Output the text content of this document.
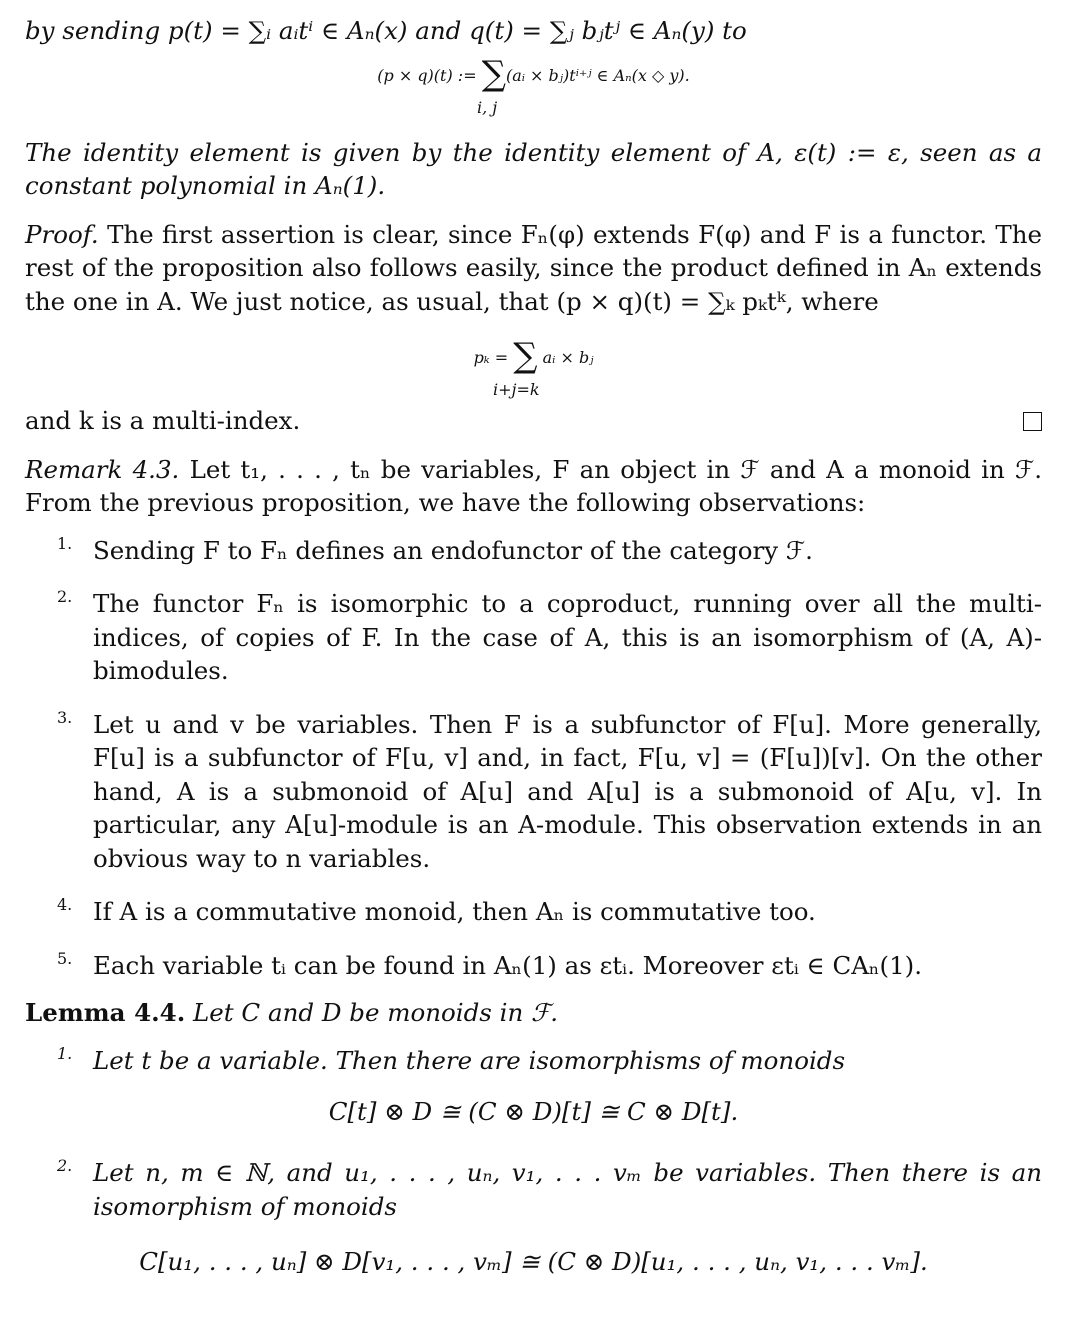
by sending p(t) = ∑ᵢ aᵢtⁱ ∈ Aₙ(x) and q(t) = ∑ⱼ bⱼtʲ ∈ Aₙ(y) to

(p × q)(t) := ∑(aᵢ × bⱼ)tⁱ⁺ʲ ∈ Aₙ(x ◇ y).
i, j

The identity element is given by the identity element of A, ε(t) := ε, seen as a constant polynomial in Aₙ(1).

Proof. The first assertion is clear, since Fₙ(φ) extends F(φ) and F is a functor. The rest of the proposition also follows easily, since the product defined in Aₙ extends the one in A. We just notice, as usual, that (p × q)(t) = ∑ₖ pₖtᵏ, where

pₖ = ∑ aᵢ × bⱼ
i+j=k

and k is a multi-index.

Remark 4.3. Let t₁, . . . , tₙ be variables, F an object in ℱ and A a monoid in ℱ. From the previous proposition, we have the following observations:

1. Sending F to Fₙ defines an endofunctor of the category ℱ.

2. The functor Fₙ is isomorphic to a coproduct, running over all the multi-indices, of copies of F. In the case of A, this is an isomorphism of (A, A)-bimodules.

3. Let u and v be variables. Then F is a subfunctor of F[u]. More generally, F[u] is a subfunctor of F[u, v] and, in fact, F[u, v] = (F[u])[v]. On the other hand, A is a submonoid of A[u] and A[u] is a submonoid of A[u, v]. In particular, any A[u]-module is an A-module. This observation extends in an obvious way to n variables.

4. If A is a commutative monoid, then Aₙ is commutative too.

5. Each variable tᵢ can be found in Aₙ(1) as εtᵢ. Moreover εtᵢ ∈ CAₙ(1).

Lemma 4.4. Let C and D be monoids in ℱ.

1. Let t be a variable. Then there are isomorphisms of monoids

C[t] ⊗ D ≅ (C ⊗ D)[t] ≅ C ⊗ D[t].
2. Let n, m ∈ ℕ, and u₁, . . . , uₙ, v₁, . . . vₘ be variables. Then there is an isomorphism of monoids

C[u₁, . . . , uₙ] ⊗ D[v₁, . . . , vₘ] ≅ (C ⊗ D)[u₁, . . . , uₙ, v₁, . . . vₘ].
